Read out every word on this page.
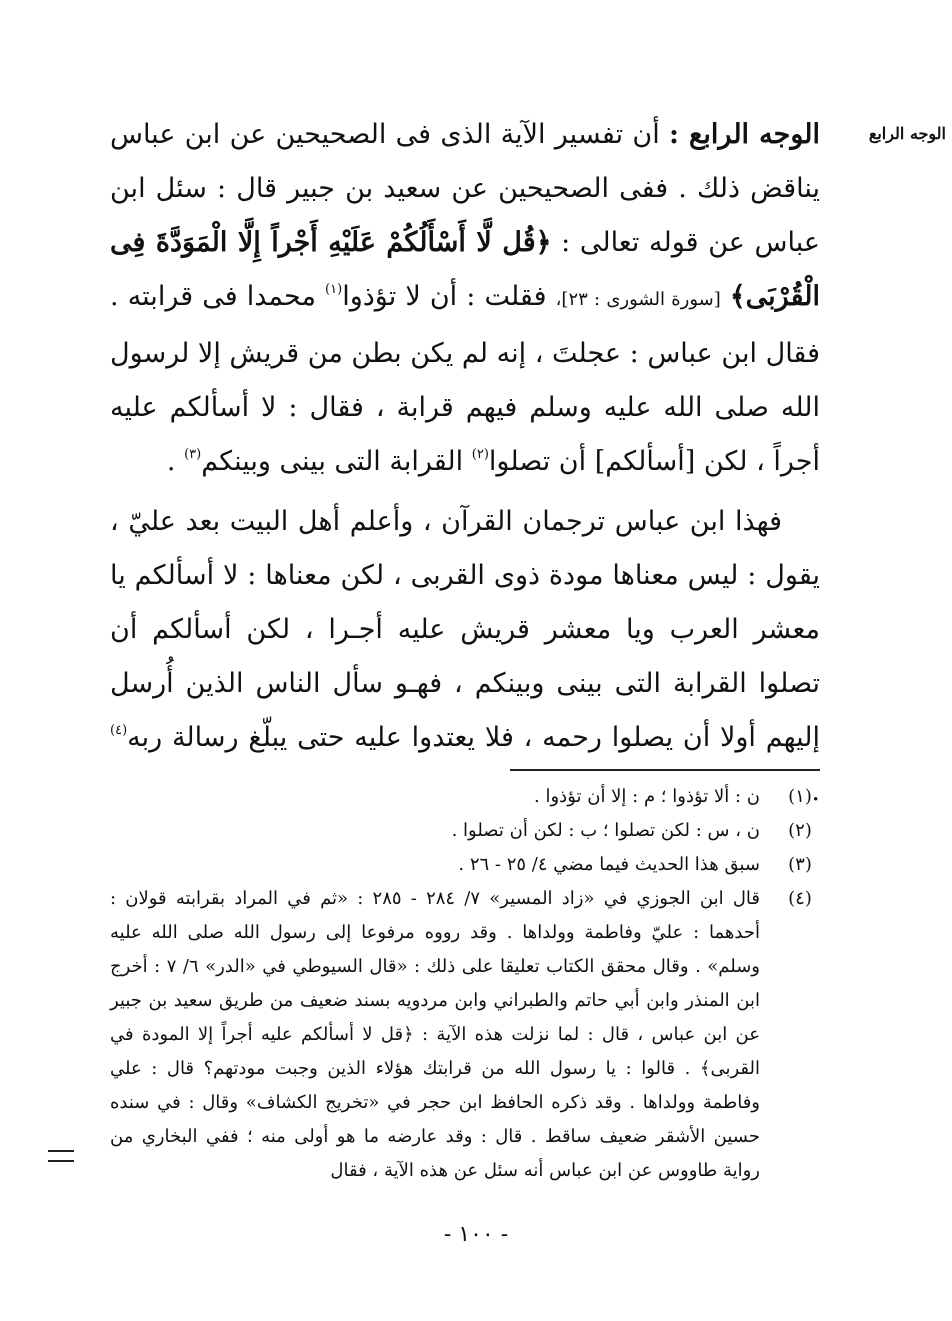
الوجه الرابع

الوجه الرابع : أن تفسير الآية الذى فى الصحيحين عن ابن عباس يناقض ذلك . ففى الصحيحين عن سعيد بن جبير قال : سئل ابن عباس عن قوله تعالى : ﴿قُل لَّا أَسْأَلُكُمْ عَلَيْهِ أَجْراً إِلَّا الْمَوَدَّةَ فِى الْقُرْبَى﴾ [سورة الشورى : ٢٣]، فقلت : أن لا تؤذوا$^{(١)}$ محمدا فى قرابته . فقال ابن عباس : عجلتَ ، إنه لم يكن بطن من قريش إلا لرسول الله صلى الله عليه وسلم فيهم قرابة ، فقال : لا أسألكم عليه أجراً ، لكن [أسألكم] أن تصلوا$^{(٢)}$ القرابة التى بينى وبينكم$^{(٣)}$ .

فهذا ابن عباس ترجمان القرآن ، وأعلم أهل البيت بعد عليّ ، يقول : ليس معناها مودة ذوى القربى ، لكن معناها : لا أسألكم يا معشر العرب ويا معشر قريش عليه أجـرا ، لكن أسألكم أن تصلوا القرابة التى بينى وبينكم ، فهـو سأل الناس الذين أُرسل إليهم أولا أن يصلوا رحمه ، فلا يعتدوا عليه حتى يبلّغ رسالة ربه$^{(٤)}$ .

(١)
ن : ألا تؤذوا ؛ م : إلا أن تؤذوا .
(٢)
ن ، س : لكن تصلوا ؛ ب : لكن أن تصلوا .
(٣)
سبق هذا الحديث فيما مضي ٤/ ٢٥ - ٢٦ .
(٤)
قال ابن الجوزي في «زاد المسير» ٧/ ٢٨٤ - ٢٨٥ : «ثم في المراد بقرابته قولان : أحدهما : عليّ وفاطمة وولداها . وقد رووه مرفوعا إلى رسول الله صلى الله عليه وسلم» . وقال محقق الكتاب تعليقا على ذلك : «قال السيوطي في «الدر» ٦/ ٧ : أخرج ابن المنذر وابن أبي حاتم والطبراني وابن مردويه بسند ضعيف من طريق سعيد بن جبير عن ابن عباس ، قال : لما نزلت هذه الآية : ﴿قل لا أسألكم عليه أجراً إلا المودة في القربى﴾ . قالوا : يا رسول الله من قرابتك هؤلاء الذين وجبت مودتهم؟ قال : علي وفاطمة وولداها . وقد ذكره الحافظ ابن حجر في «تخريج الكشاف» وقال : في سنده حسين الأشقر ضعيف ساقط . قال : وقد عارضه ما هو أولى منه ؛ ففي البخاري من رواية طاووس عن ابن عباس أنه سئل عن هذه الآية ، فقال
- ١٠٠ -
